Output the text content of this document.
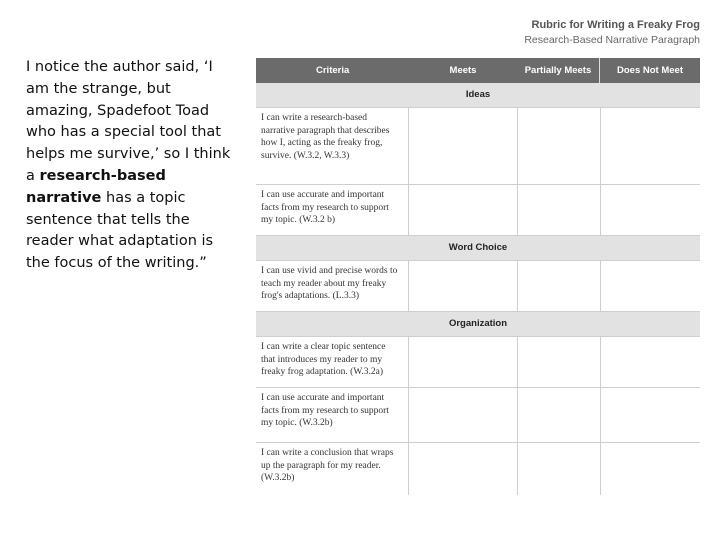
I notice the author said, ‘I am the strange, but amazing, Spadefoot Toad who has a special tool that helps me survive,’ so I think a research-based narrative has a topic sentence that tells the reader what adaptation is the focus of the writing.”
Rubric for Writing a Freaky Frog
Research-Based Narrative Paragraph
Criteria	Meets	Partially Meets	Does Not Meet
Ideas
I can write a research-based narrative paragraph that describes how I, acting as the freaky frog, survive. (W.3.2, W.3.3)
I can use accurate and important facts from my research to support my topic. (W.3.2 b)
Word Choice
I can use vivid and precise words to teach my reader about my freaky frog's adaptations. (L.3.3)
Organization
I can write a clear topic sentence that introduces my reader to my freaky frog adaptation. (W.3.2a)
I can use accurate and important facts from my research to support my topic. (W.3.2b)
I can write a conclusion that wraps up the paragraph for my reader. (W.3.2b)
